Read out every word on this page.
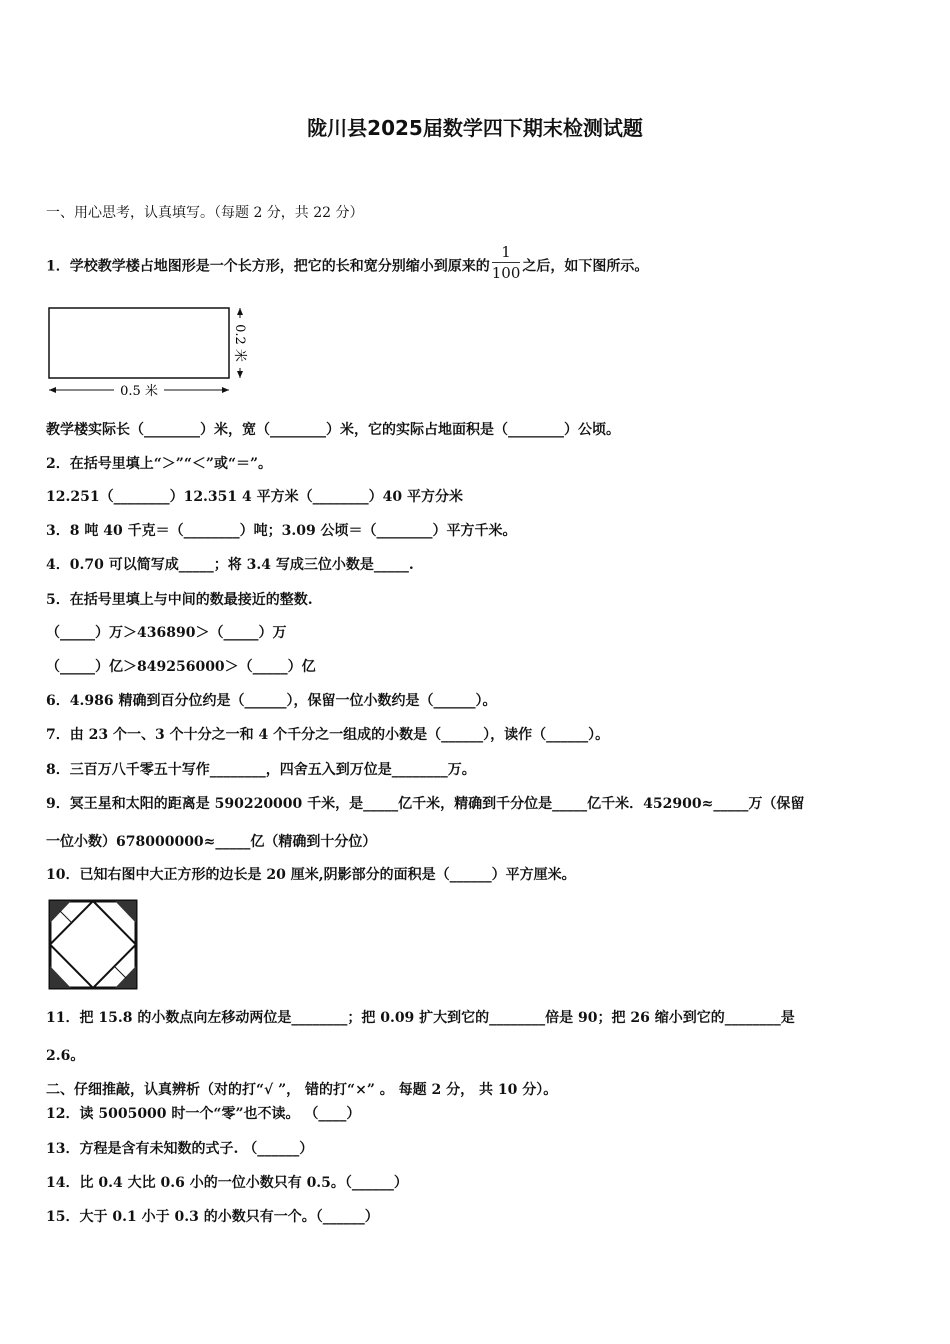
陇川县2025届数学四下期末检测试题
一、用心思考，认真填写。（每题 2 分，共 22 分）
1．学校教学楼占地图形是一个长方形，把它的长和宽分别缩小到原来的 $\frac{1}{100}$ 之后，如下图所示。
0.5 米
0.2 米
教学楼实际长（________）米，宽（________）米，它的实际占地面积是（________）公顷。
2．在括号里填上“＞”“＜”或“＝”。
12.251（________）12.351 4 平方米（________）40 平方分米
3．8 吨 40 千克＝（________）吨；3.09 公顷＝（________）平方千米。
4．0.70 可以简写成_____；将 3.4 写成三位小数是_____.
5．在括号里填上与中间的数最接近的整数.
（_____）万＞436890＞（_____）万
（_____）亿＞849256000＞（_____）亿
6．4.986 精确到百分位约是（______），保留一位小数约是（______）。
7．由 23 个一、3 个十分之一和 4 个千分之一组成的小数是（______），读作（______）。
8．三百万八千零五十写作________，四舍五入到万位是________万。
9．冥王星和太阳的距离是 590220000 千米，是_____亿千米，精确到千分位是_____亿千米．452900≈_____万（保留
一位小数）678000000≈_____亿（精确到十分位）
10．已知右图中大正方形的边长是 20 厘米,阴影部分的面积是（______）平方厘米。
11．把 15.8 的小数点向左移动两位是________；把 0.09 扩大到它的________倍是 90；把 26 缩小到它的________是
2.6。
二、仔细推敲，认真辨析（对的打“√ ”， 错的打“×” 。 每题 2 分， 共 10 分）。
12．读 5005000 时一个“零”也不读。 （____）
13．方程是含有未知数的式子. （______）
14．比 0.4 大比 0.6 小的一位小数只有 0.5。（______）
15．大于 0.1 小于 0.3 的小数只有一个。（______）
